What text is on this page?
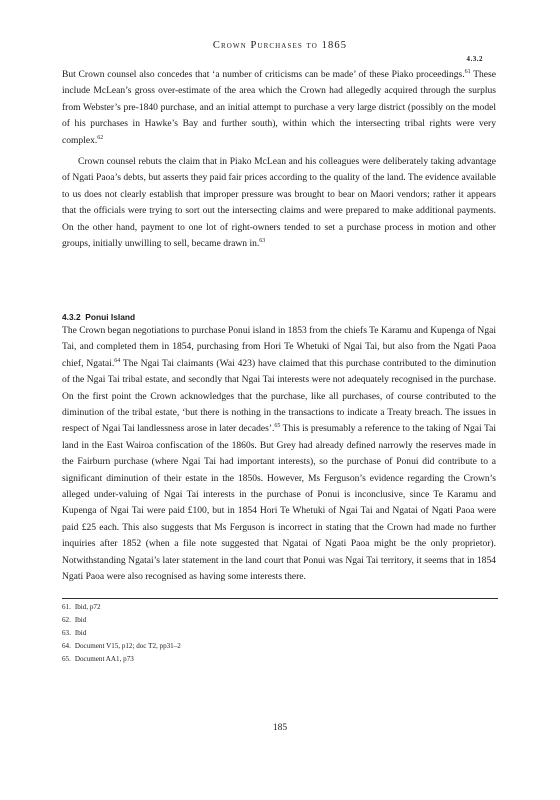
Crown Purchases to 1865
4.3.2

But Crown counsel also concedes that ‘a number of criticisms can be made’ of these Piako proceedings.$^{61}$ These include McLean’s gross over-estimate of the area which the Crown had allegedly acquired through the surplus from Webster’s pre-1840 purchase, and an initial attempt to purchase a very large district (possibly on the model of his purchases in Hawke’s Bay and further south), within which the intersecting tribal rights were very complex.$^{62}$

Crown counsel rebuts the claim that in Piako McLean and his colleagues were deliberately taking advantage of Ngati Paoa’s debts, but asserts they paid fair prices according to the quality of the land. The evidence available to us does not clearly establish that improper pressure was brought to bear on Maori vendors; rather it appears that the officials were trying to sort out the intersecting claims and were prepared to make additional payments. On the other hand, payment to one lot of right-owners tended to set a purchase process in motion and other groups, initially unwilling to sell, became drawn in.$^{63}$

4.3.2 Ponui Island

The Crown began negotiations to purchase Ponui island in 1853 from the chiefs Te Karamu and Kupenga of Ngai Tai, and completed them in 1854, purchasing from Hori Te Whetuki of Ngai Tai, but also from the Ngati Paoa chief, Ngatai.$^{64}$ The Ngai Tai claimants (Wai 423) have claimed that this purchase contributed to the diminution of the Ngai Tai tribal estate, and secondly that Ngai Tai interests were not adequately recognised in the purchase. On the first point the Crown acknowledges that the purchase, like all purchases, of course contributed to the diminution of the tribal estate, ‘but there is nothing in the transactions to indicate a Treaty breach. The issues in respect of Ngai Tai landlessness arose in later decades’.$^{65}$ This is presumably a reference to the taking of Ngai Tai land in the East Wairoa confiscation of the 1860s. But Grey had already defined narrowly the reserves made in the Fairburn purchase (where Ngai Tai had important interests), so the purchase of Ponui did contribute to a significant diminution of their estate in the 1850s. However, Ms Ferguson’s evidence regarding the Crown’s alleged under-valuing of Ngai Tai interests in the purchase of Ponui is inconclusive, since Te Karamu and Kupenga of Ngai Tai were paid £100, but in 1854 Hori Te Whetuki of Ngai Tai and Ngatai of Ngati Paoa were paid £25 each. This also suggests that Ms Ferguson is incorrect in stating that the Crown had made no further inquiries after 1852 (when a file note suggested that Ngatai of Ngati Paoa might be the only proprietor). Notwithstanding Ngatai’s later statement in the land court that Ponui was Ngai Tai territory, it seems that in 1854 Ngati Paoa were also recognised as having some interests there.

61. Ibid, p72
62. Ibid
63. Ibid
64. Document V15, p12; doc T2, pp31–2
65. Document AA1, p73
185
